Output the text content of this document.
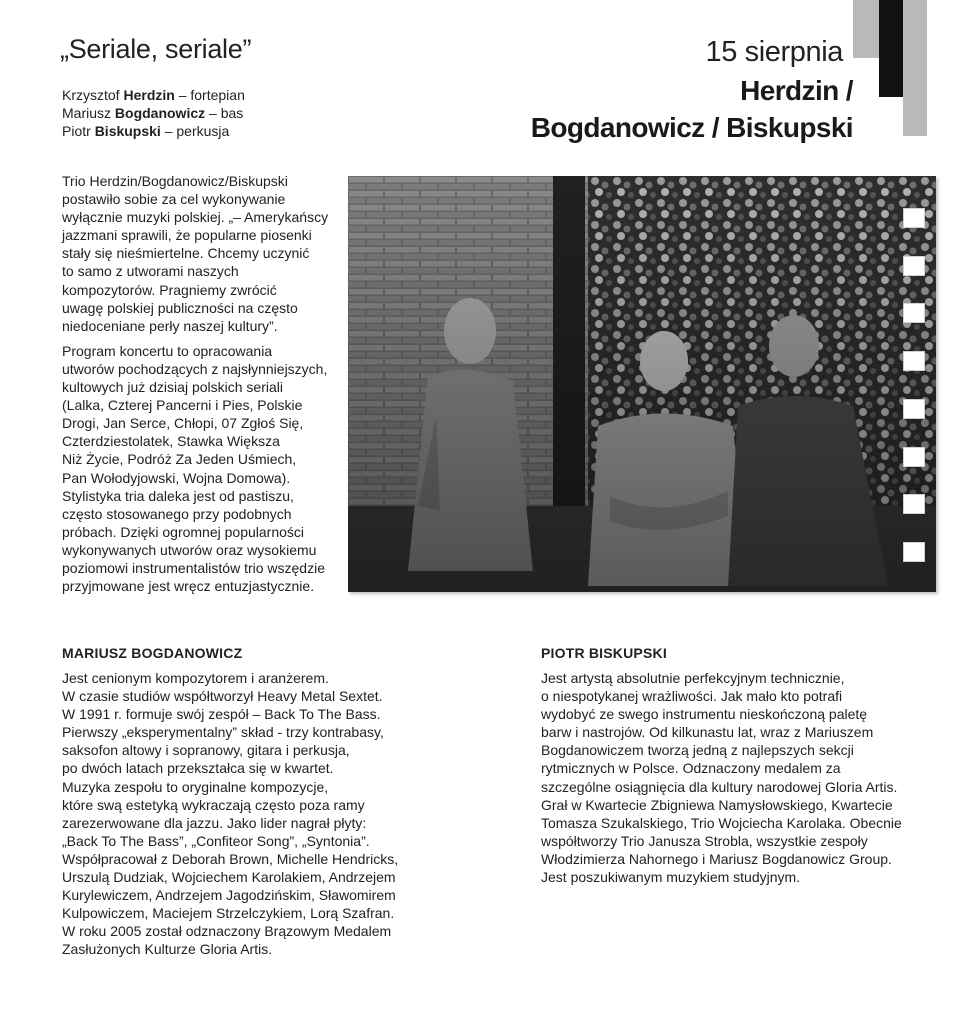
„Seriale, seriale”
Krzysztof Herdzin – fortepian
Mariusz Bogdanowicz – bas
Piotr Biskupski – perkusja
15 sierpnia
Herdzin /
Bogdanowicz / Biskupski

Trio Herdzin/Bogdanowicz/Biskupski
postawiło sobie za cel wykonywanie
wyłącznie muzyki polskiej. „– Amerykańscy
jazzmani sprawili, że popularne piosenki
stały się nieśmiertelne. Chcemy uczynić
to samo z utworami naszych
kompozytorów. Pragniemy zwrócić
uwagę polskiej publiczności na często
niedoceniane perły naszej kultury”.

Program koncertu to opracowania
utworów pochodzących z najsłynniejszych,
kultowych już dzisiaj polskich seriali
(Lalka, Czterej Pancerni i Pies, Polskie
Drogi, Jan Serce, Chłopi, 07 Zgłoś Się,
Czterdziestolatek, Stawka Większa
Niż Życie, Podróż Za Jeden Uśmiech,
Pan Wołodyjowski, Wojna Domowa).
Stylistyka tria daleka jest od pastiszu,
często stosowanego przy podobnych
próbach. Dzięki ogromnej popularności
wykonywanych utworów oraz wysokiemu
poziomowi instrumentalistów trio wszędzie
przyjmowane jest wręcz entuzjastycznie.

MARIUSZ BOGDANOWICZ
Jest cenionym kompozytorem i aranżerem.
W czasie studiów współtworzył Heavy Metal Sextet.
W 1991 r. formuje swój zespół – Back To The Bass.
Pierwszy „eksperymentalny” skład - trzy kontrabasy,
saksofon altowy i sopranowy, gitara i perkusja,
po dwóch latach przekształca się w kwartet.
Muzyka zespołu to oryginalne kompozycje,
które swą estetyką wykraczają często poza ramy
zarezerwowane dla jazzu. Jako lider nagrał płyty:
„Back To The Bass”, „Confiteor Song”, „Syntonia”.
Współpracował z Deborah Brown, Michelle Hendricks,
Urszulą Dudziak, Wojciechem Karolakiem, Andrzejem
Kurylewiczem, Andrzejem Jagodzińskim, Sławomirem
Kulpowiczem, Maciejem Strzelczykiem, Lorą Szafran.
W roku 2005 został odznaczony Brązowym Medalem
Zasłużonych Kulturze Gloria Artis.
PIOTR BISKUPSKI
Jest artystą absolutnie perfekcyjnym technicznie,
o niespotykanej wrażliwości. Jak mało kto potrafi
wydobyć ze swego instrumentu nieskończoną paletę
barw i nastrojów. Od kilkunastu lat, wraz z Mariuszem
Bogdanowiczem tworzą jedną z najlepszych sekcji
rytmicznych w Polsce. Odznaczony medalem za
szczególne osiągnięcia dla kultury narodowej Gloria Artis.
Grał w Kwartecie Zbigniewa Namysłowskiego, Kwartecie
Tomasza Szukalskiego, Trio Wojciecha Karolaka. Obecnie
współtworzy Trio Janusza Strobla, wszystkie zespoły
Włodzimierza Nahornego i Mariusz Bogdanowicz Group.
Jest poszukiwanym muzykiem studyjnym.
